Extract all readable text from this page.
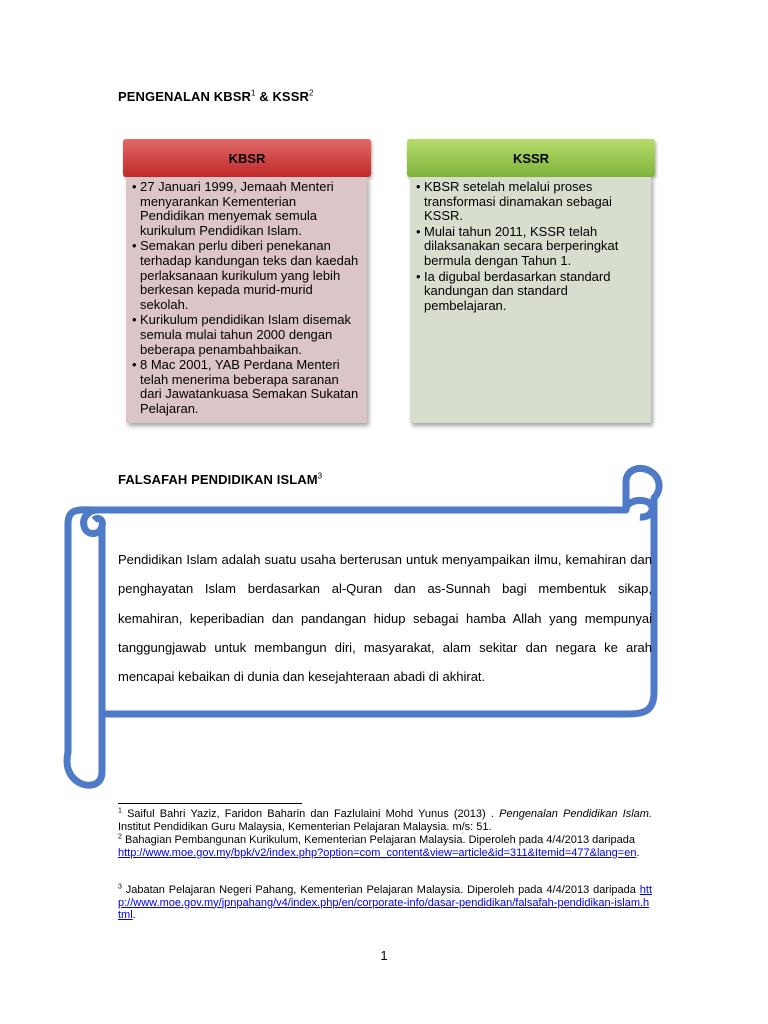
PENGENALAN KBSR$^1$ & KSSR$^2$
KBSR
• 27 Januari 1999, Jemaah Menteri menyarankan Kementerian Pendidikan menyemak semula kurikulum Pendidikan Islam.
• Semakan perlu diberi penekanan terhadap kandungan teks dan kaedah perlaksanaan kurikulum yang lebih berkesan kepada murid-murid sekolah.
• Kurikulum pendidikan Islam disemak semula mulai tahun 2000 dengan beberapa penambahbaikan.
• 8 Mac 2001, YAB Perdana Menteri telah menerima beberapa saranan dari Jawatankuasa Semakan Sukatan Pelajaran.
KSSR
• KBSR setelah melalui proses transformasi dinamakan sebagai KSSR.
• Mulai tahun 2011, KSSR telah dilaksanakan secara berperingkat bermula dengan Tahun 1.
• Ia digubal berdasarkan standard kandungan dan standard pembelajaran.
FALSAFAH PENDIDIKAN ISLAM$^3$
Pendidikan Islam adalah suatu usaha berterusan untuk menyampaikan ilmu, kemahiran dan penghayatan Islam berdasarkan al-Quran dan as-Sunnah bagi membentuk sikap, kemahiran, keperibadian dan pandangan hidup sebagai hamba Allah yang mempunyai tanggungjawab untuk membangun diri, masyarakat, alam sekitar dan negara ke arah mencapai kebaikan di dunia dan kesejahteraan abadi di akhirat.
$^1$ Saiful Bahri Yaziz, Faridon Baharin dan Fazlulaini Mohd Yunus (2013) . Pengenalan Pendidikan Islam. Institut Pendidikan Guru Malaysia, Kementerian Pelajaran Malaysia. m/s: 51.
$^2$ Bahagian Pembangunan Kurikulum, Kementerian Pelajaran Malaysia. Diperoleh pada 4/4/2013 daripada
http://www.moe.gov.my/bpk/v2/index.php?option=com_content&view=article&id=311&Itemid=477&lang=en.
$^3$ Jabatan Pelajaran Negeri Pahang, Kementerian Pelajaran Malaysia. Diperoleh pada 4/4/2013 daripada http://www.moe.gov.my/jpnpahang/v4/index.php/en/corporate-info/dasar-pendidikan/falsafah-pendidikan-islam.html.
1
